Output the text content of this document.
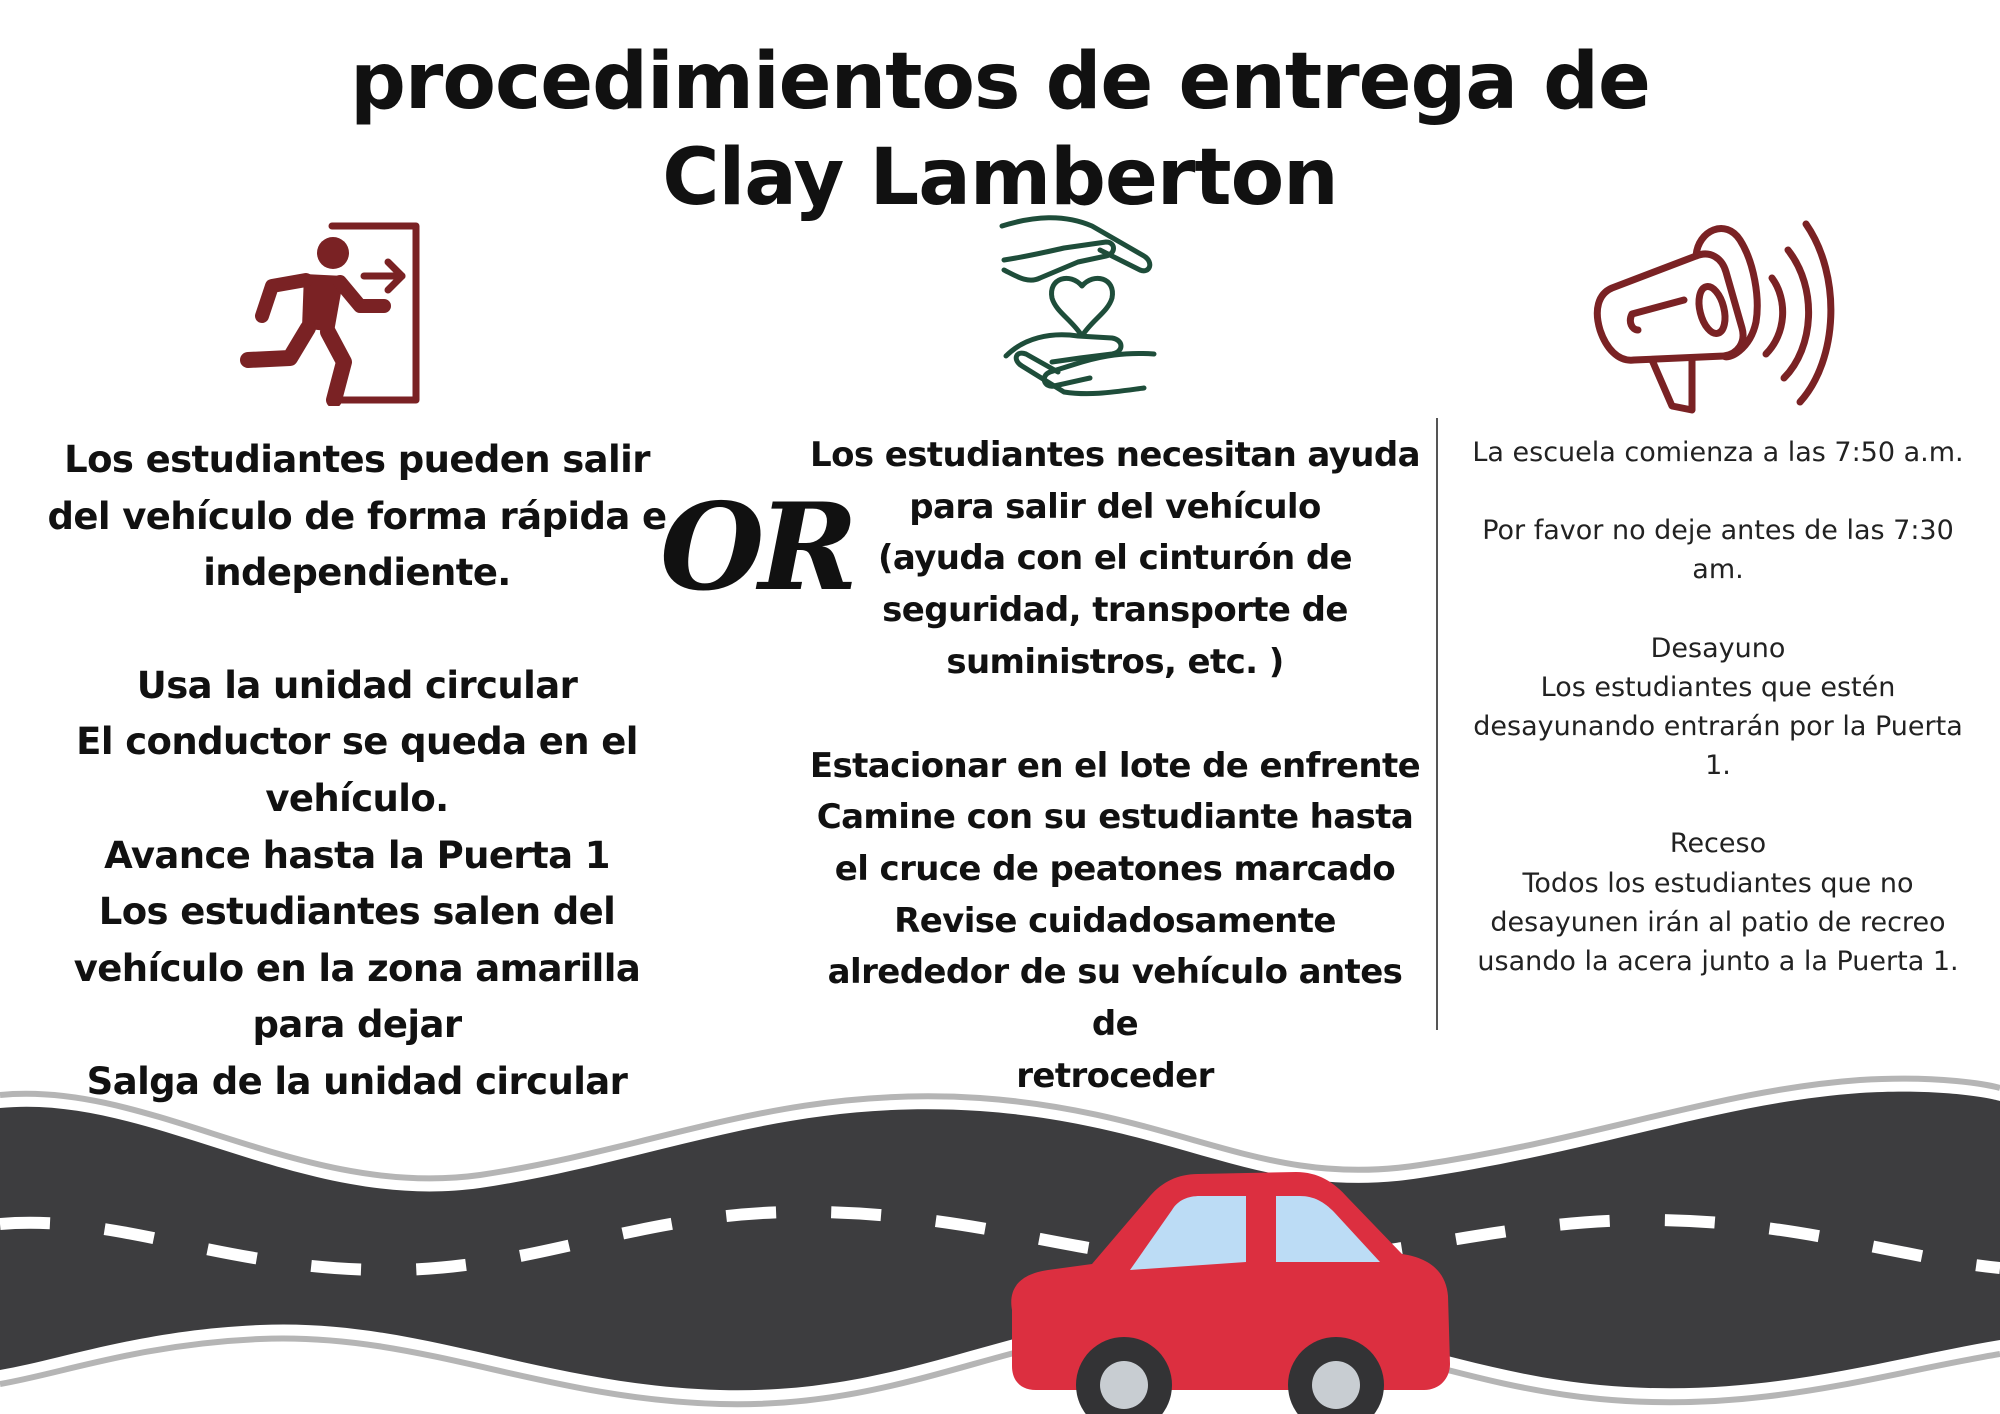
procedimientos de entrega de
Clay Lamberton

Los estudiantes pueden salir

del vehículo de forma rápida e

independiente.

Usa la unidad circular

El conductor se queda en el

vehículo.

Avance hasta la Puerta 1

Los estudiantes salen del

vehículo en la zona amarilla

para dejar

Salga de la unidad circular

OR

Los estudiantes necesitan ayuda

para salir del vehículo

(ayuda con el cinturón de

seguridad, transporte de

suministros, etc. )

Estacionar en el lote de enfrente

Camine con su estudiante hasta

el cruce de peatones marcado

Revise cuidadosamente

alrededor de su vehículo antes de

retroceder

La escuela comienza a las 7:50 a.m.

Por favor no deje antes de las 7:30

am.

Desayuno

Los estudiantes que estén

desayunando entrarán por la Puerta

1.

Receso

Todos los estudiantes que no

desayunen irán al patio de recreo

usando la acera junto a la Puerta 1.
